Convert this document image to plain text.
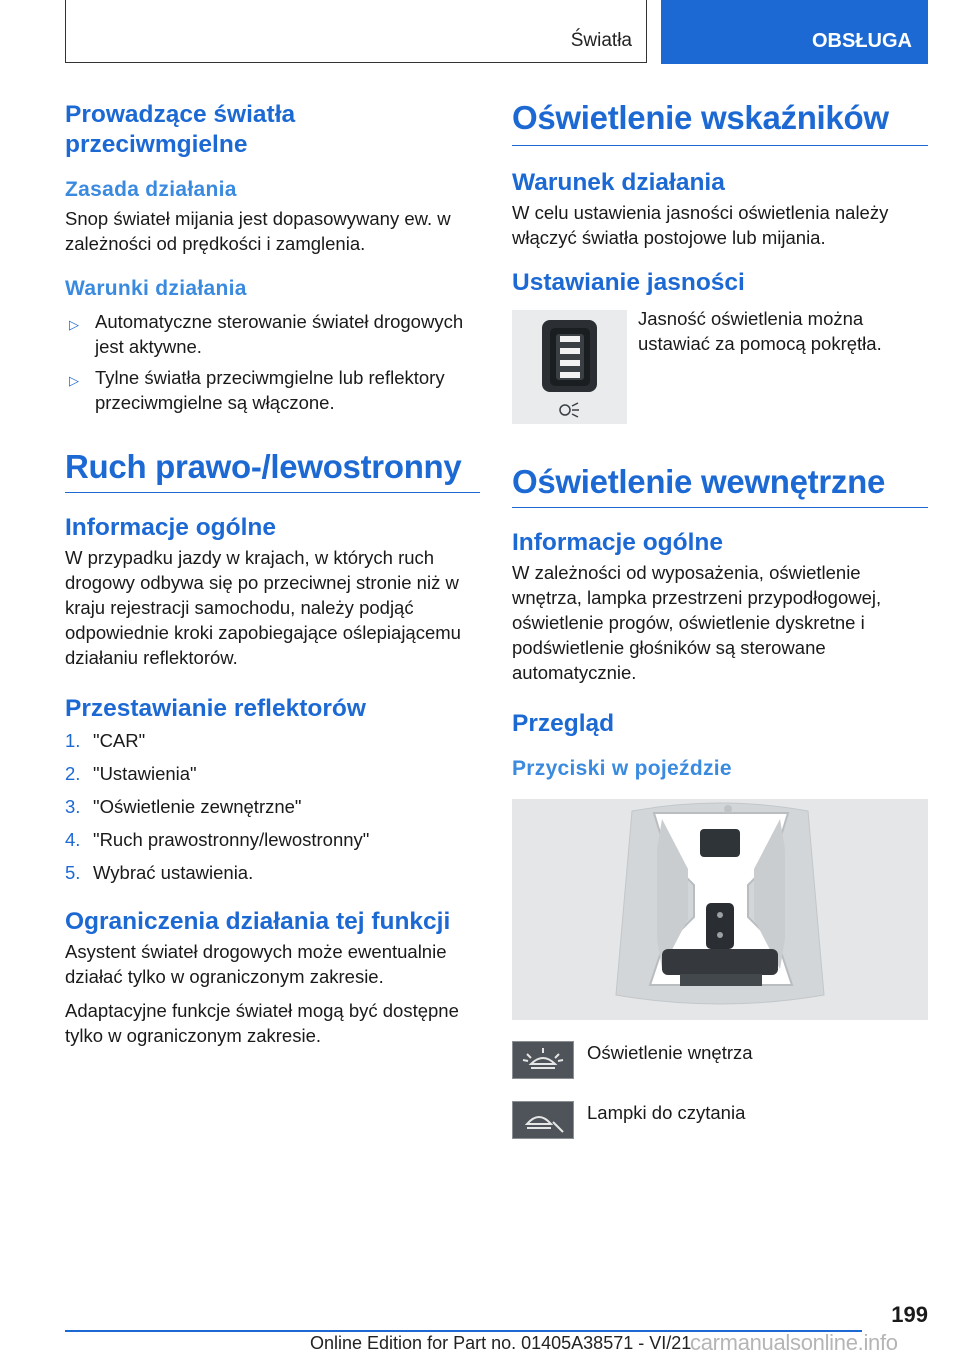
Światła	OBSŁUGA
Prowadzące światła przeciwmgielne
Zasada działania

Snop świateł mijania jest dopasowywany ew. w zależności od prędkości i zamglenia.

Warunki działania
▷ Automatyczne sterowanie świateł drogowych jest aktywne.
▷ Tylne światła przeciwmgielne lub reflektory przeciwmgielne są włączone.
Ruch prawo-/lewostronny
Informacje ogólne

W przypadku jazdy w krajach, w których ruch drogowy odbywa się po przeciwnej stronie niż w kraju rejestracji samochodu, należy podjąć odpowiednie kroki zapobiegające oślepiającemu działaniu reflektorów.

Przestawianie reflektorów
1. "CAR"
2. "Ustawienia"
3. "Oświetlenie zewnętrzne"
4. "Ruch prawostronny/lewostronny"
5. Wybrać ustawienia.
Ograniczenia działania tej funkcji

Asystent świateł drogowych może ewentualnie działać tylko w ograniczonym zakresie.

Adaptacyjne funkcje świateł mogą być dostępne tylko w ograniczonym zakresie.

Oświetlenie wskaźników
Warunek działania

W celu ustawienia jasności oświetlenia należy włączyć światła postojowe lub mijania.

Ustawianie jasności

Jasność oświetlenia można ustawiać za pomocą pokrętła.

Oświetlenie wewnętrzne
Informacje ogólne

W zależności od wyposażenia, oświetlenie wnętrza, lampka przestrzeni przypodłogowej, oświetlenie progów, oświetlenie dyskretne i podświetlenie głośników są sterowane automatycznie.

Przegląd
Przyciski w pojeździe
Oświetlenie wnętrza
Lampki do czytania
199
Online Edition for Part no. 01405A38571 - VI/21
carmanualsonline.info
